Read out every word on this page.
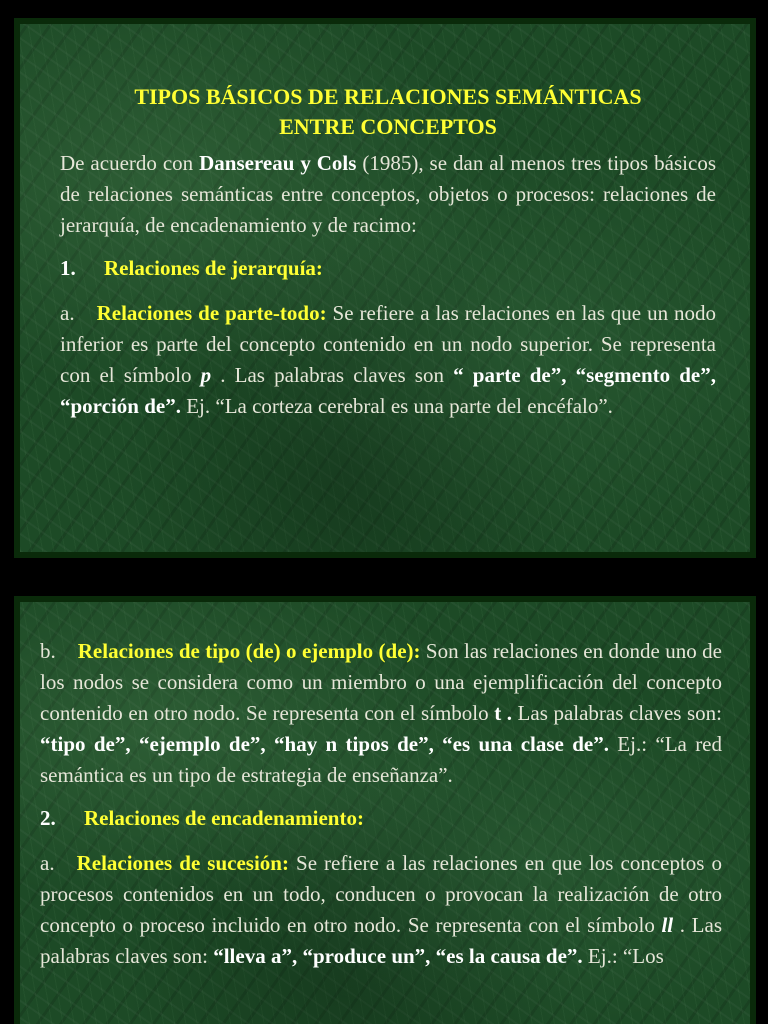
TIPOS BÁSICOS DE RELACIONES SEMÁNTICAS
ENTRE CONCEPTOS

De acuerdo con Dansereau y Cols (1985), se dan al menos tres tipos básicos de relaciones semánticas entre conceptos, objetos o procesos: relaciones de jerarquía, de encadenamiento y de racimo:

1. Relaciones de jerarquía:

a. Relaciones de parte-todo: Se refiere a las relaciones en las que un nodo inferior es parte del concepto contenido en un nodo superior. Se representa con el símbolo p . Las palabras claves son “ parte de”, “segmento de”, “porción de”. Ej. “La corteza cerebral es una parte del encéfalo”.

b. Relaciones de tipo (de) o ejemplo (de): Son las relaciones en donde uno de los nodos se considera como un miembro o una ejemplificación del concepto contenido en otro nodo. Se representa con el símbolo t . Las palabras claves son: “tipo de”, “ejemplo de”, “hay n tipos de”, “es una clase de”. Ej.: “La red semántica es un tipo de estrategia de enseñanza”.

2. Relaciones de encadenamiento:

a. Relaciones de sucesión: Se refiere a las relaciones en que los conceptos o procesos contenidos en un todo, conducen o provocan la realización de otro concepto o proceso incluido en otro nodo. Se representa con el símbolo ll . Las palabras claves son: “lleva a”, “produce un”, “es la causa de”. Ej.: “Los
